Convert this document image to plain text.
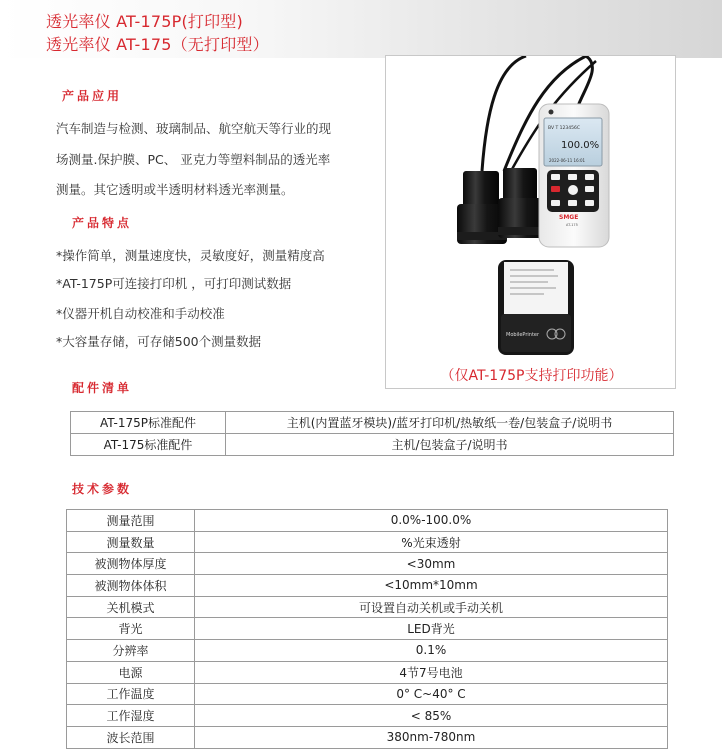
透光率仪 AT-175P(打印型)
透光率仪 AT-175（无打印型）
产品应用
汽车制造与检测、玻璃制品、航空航天等行业的现
场测量.保护膜、PC、 亚克力等塑料制品的透光率
测量。其它透明或半透明材料透光率测量。
产品特点
*操作简单，测量速度快，灵敏度好，测量精度高
*AT-175P可连接打印机 ，可打印测试数据
*仪器开机自动校准和手动校准
*大容量存储，可存储500个测量数据
BV T 123456C
100.0%
2022-06-11 16:01
SMGE
AT-175
MobilePrinter
（仅AT-175P支持打印功能）
配件清单
AT-175P标准配件	主机(内置蓝牙模块)/蓝牙打印机/热敏纸一卷/包装盒子/说明书
AT-175标准配件	主机/包装盒子/说明书
技术参数
测量范围	0.0%-100.0%
测量数量	%光束透射
被测物体厚度	<30mm
被测物体体积	<10mm*10mm
关机模式	可设置自动关机或手动关机
背光	LED背光
分辨率	0.1%
电源	4节7号电池
工作温度	0° C~40° C
工作湿度	< 85%
波长范围	380nm-780nm
